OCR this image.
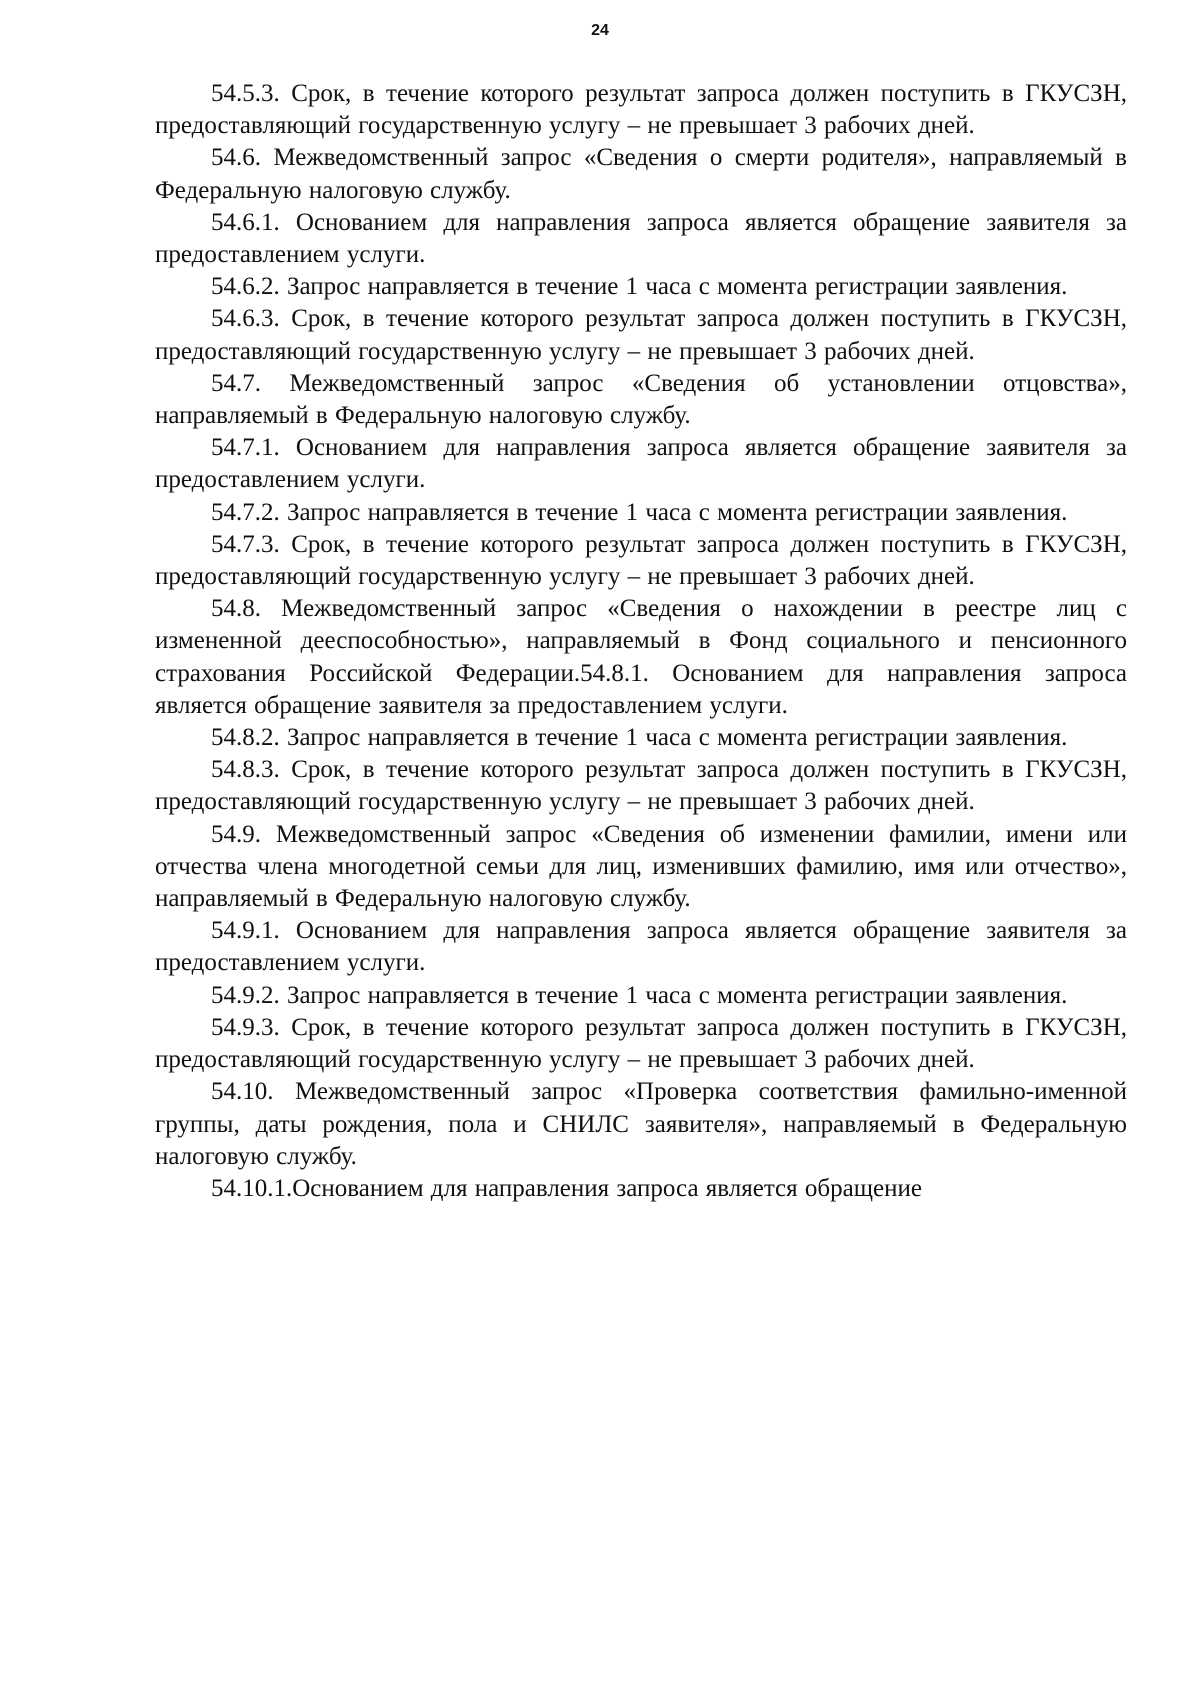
24

54.5.3. Срок, в течение которого результат запроса должен поступить в ГКУСЗН, предоставляющий государственную услугу – не превышает 3 рабочих дней.

54.6. Межведомственный запрос «Сведения о смерти родителя», направляемый в Федеральную налоговую службу.

54.6.1. Основанием для направления запроса является обращение заявителя за предоставлением услуги.

54.6.2. Запрос направляется в течение 1 часа с момента регистрации заявления.

54.6.3. Срок, в течение которого результат запроса должен поступить в ГКУСЗН, предоставляющий государственную услугу – не превышает 3 рабочих дней.

54.7. Межведомственный запрос «Сведения об установлении отцовства», направляемый в Федеральную налоговую службу.

54.7.1. Основанием для направления запроса является обращение заявителя за предоставлением услуги.

54.7.2. Запрос направляется в течение 1 часа с момента регистрации заявления.

54.7.3. Срок, в течение которого результат запроса должен поступить в ГКУСЗН, предоставляющий государственную услугу – не превышает 3 рабочих дней.

54.8. Межведомственный запрос «Сведения о нахождении в реестре лиц с измененной дееспособностью», направляемый в Фонд социального и пенсионного страхования Российской Федерации.54.8.1. Основанием для направления запроса является обращение заявителя за предоставлением услуги.

54.8.2. Запрос направляется в течение 1 часа с момента регистрации заявления.

54.8.3. Срок, в течение которого результат запроса должен поступить в ГКУСЗН, предоставляющий государственную услугу – не превышает 3 рабочих дней.

54.9. Межведомственный запрос «Сведения об изменении фамилии, имени или отчества члена многодетной семьи для лиц, изменивших фамилию, имя или отчество», направляемый в Федеральную налоговую службу.

54.9.1. Основанием для направления запроса является обращение заявителя за предоставлением услуги.

54.9.2. Запрос направляется в течение 1 часа с момента регистрации заявления.

54.9.3. Срок, в течение которого результат запроса должен поступить в ГКУСЗН, предоставляющий государственную услугу – не превышает 3 рабочих дней.

54.10. Межведомственный запрос «Проверка соответствия фамильно-именной группы, даты рождения, пола и СНИЛС заявителя», направляемый в Федеральную налоговую службу.

54.10.1.Основанием для направления запроса является обращение
